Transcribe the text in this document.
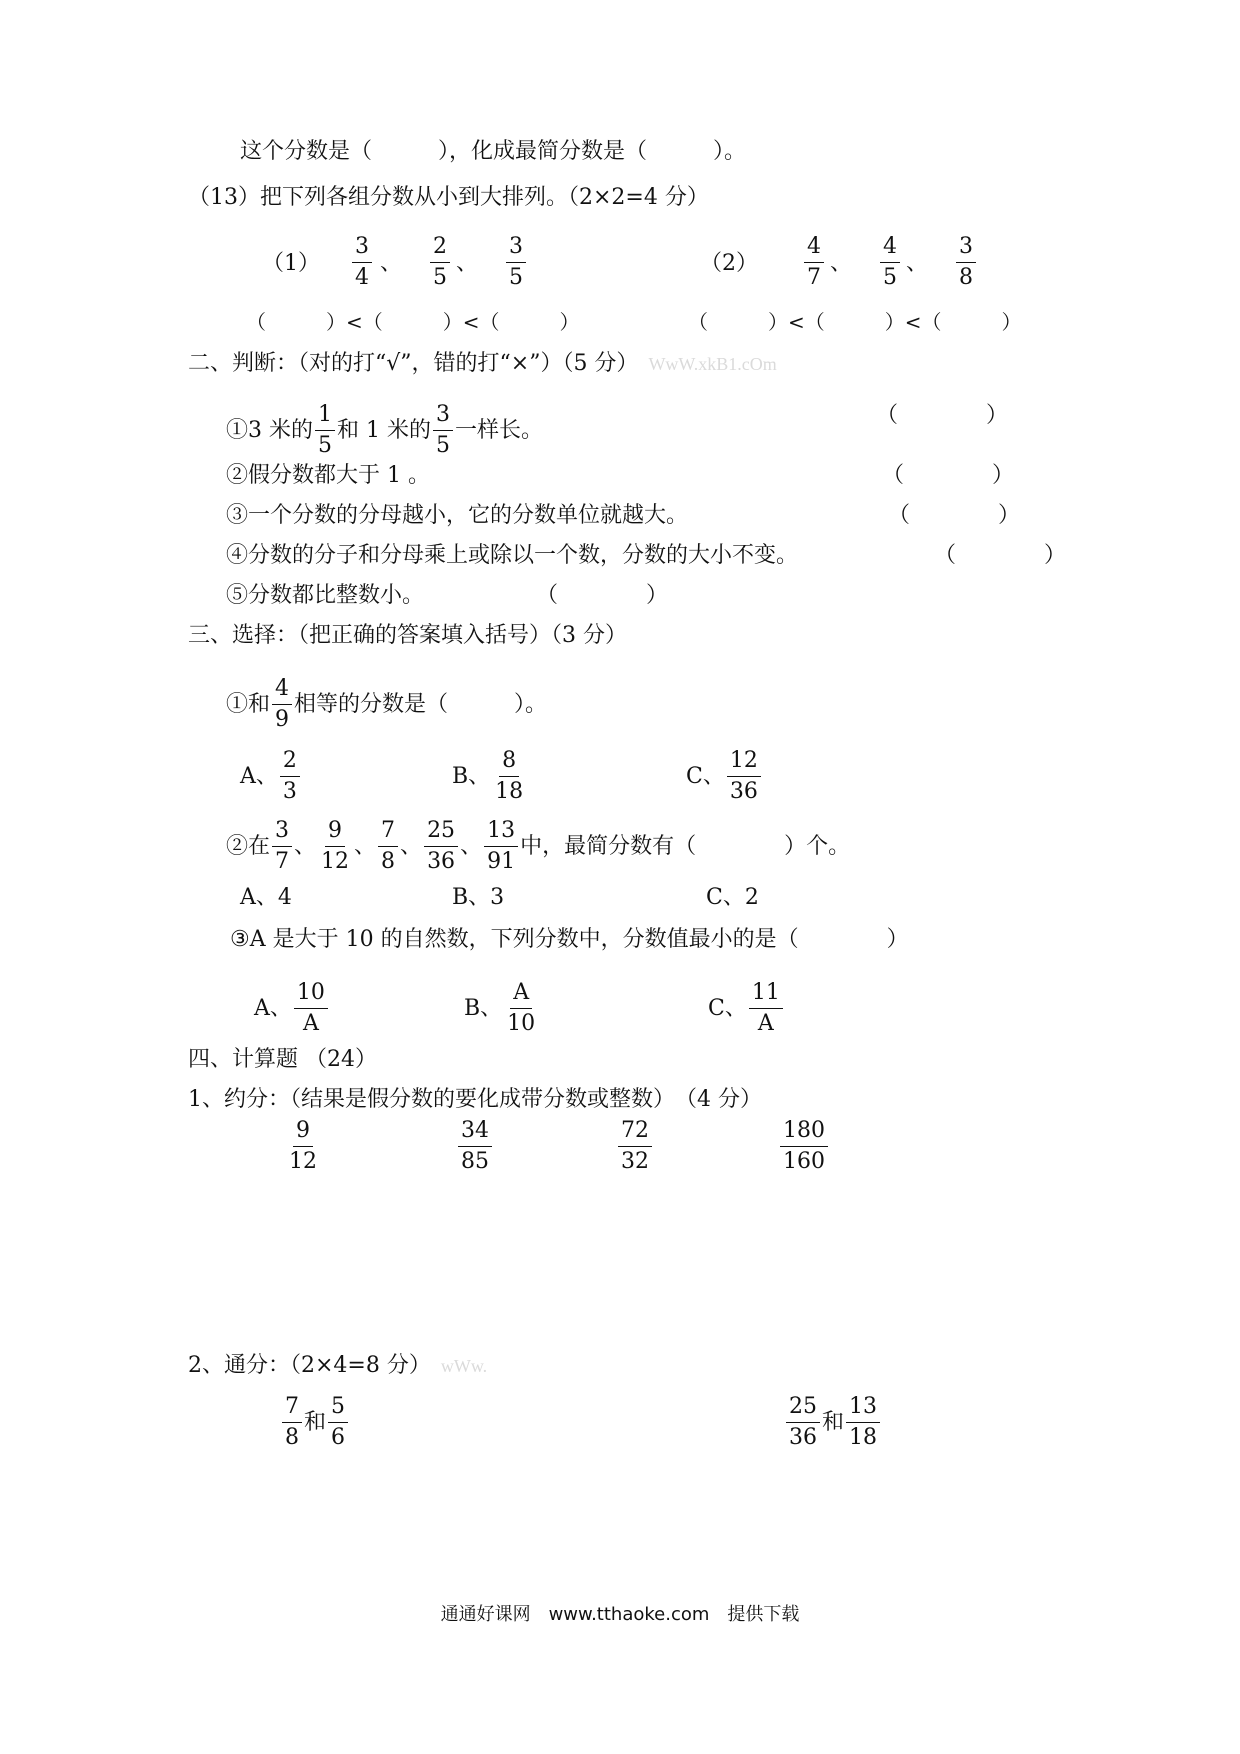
这个分数是（　　　），化成最简分数是（　　　）。
（13）把下列各组分数从小到大排列。（2×2=4 分）
$(1) \frac{3}{4}$ 、 $\frac{2}{5}$ 、 $\frac{3}{5}$	$(2) \frac{4}{7}$ 、 $\frac{4}{5}$ 、 $\frac{3}{8}$
（　　　）<（　　　）<（　　　）	（　　　）<（　　　）<（　　　）
二、判断：（对的打“√”，错的打“×”）（5 分） WwW.xkB1.cOm
①3 米的 $\frac{1}{5}$ 和 1 米的 $\frac{3}{5}$ 一样长。
（　　　　）
②假分数都大于 1 。	（　　　　）
③一个分数的分母越小，它的分数单位就越大。	（　　　　）
④分数的分子和分母乘上或除以一个数，分数的大小不变。	（　　　　）
⑤分数都比整数小。	（　　　　）
三、选择：（把正确的答案填入括号）（3 分）
①和 $\frac{4}{9}$ 相等的分数是（　　　）。
A、 $\frac{2}{3}$	B、 $\frac{8}{18}$	C、 $\frac{12}{36}$
②在 $\frac{3}{7}$ 、 $\frac{9}{12}$ 、 $\frac{7}{8}$ 、 $\frac{25}{36}$ 、 $\frac{13}{91}$ 中，最简分数有（　　　　）个。
A、4	B、3	C、2
③A 是大于 10 的自然数，下列分数中，分数值最小的是（　　　　）
A、 $\frac{10}{A}$	B、 $\frac{A}{10}$	C、 $\frac{11}{A}$
四、计算题 （24）
1、约分：（结果是假分数的要化成带分数或整数）　（4 分）
$\frac{9}{12}$	$\frac{34}{85}$	$\frac{72}{32}$	$\frac{180}{160}$
2、通分：（2×4=8 分） wWw.
$\frac{7}{8}$ 和 $\frac{5}{6}$	$\frac{25}{36}$ 和 $\frac{13}{18}$
通通好课网　www.tthaoke.com　提供下载
